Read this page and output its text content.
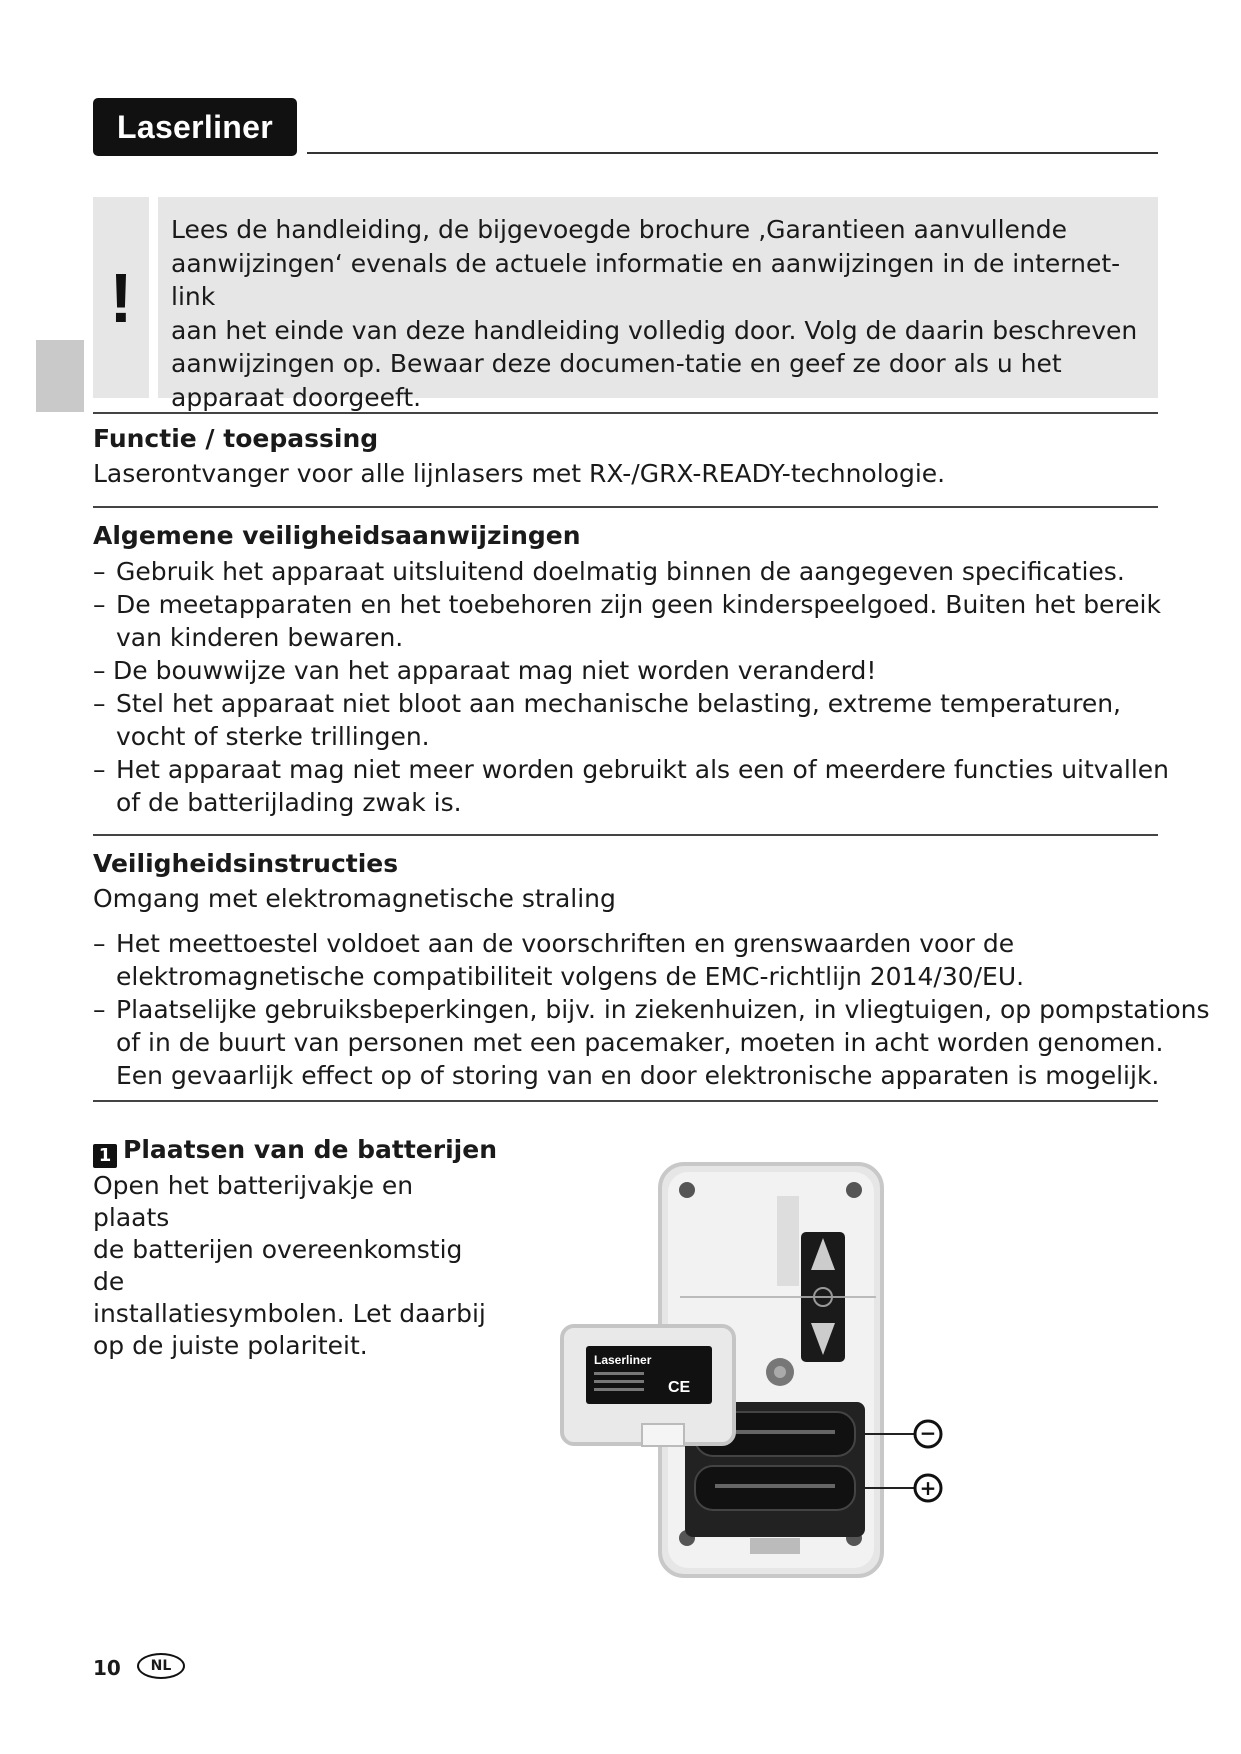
Laserliner
!
Lees de handleiding, de bijgevoegde brochure ‚Garantieen aanvullende
aanwijzingen‘ evenals de actuele informatie en aanwijzingen in de internet-link
aan het einde van deze handleiding volledig door. Volg de daarin beschreven
aanwijzingen op. Bewaar deze documen-tatie en geef ze door als u het
apparaat doorgeeft.
Functie / toepassing
Laserontvanger voor alle lijnlasers met RX-/GRX-READY-technologie.
Algemene veiligheidsaanwijzingen
– Gebruik het apparaat uitsluitend doelmatig binnen de aangegeven specificaties.
– De meetapparaten en het toebehoren zijn geen kinderspeelgoed. Buiten het bereik
van kinderen bewaren.
– De bouwwijze van het apparaat mag niet worden veranderd!
– Stel het apparaat niet bloot aan mechanische belasting, extreme temperaturen,
vocht of sterke trillingen.
– Het apparaat mag niet meer worden gebruikt als een of meerdere functies uitvallen
of de batterijlading zwak is.
Veiligheidsinstructies
Omgang met elektromagnetische straling
– Het meettoestel voldoet aan de voorschriften en grenswaarden voor de
elektromagnetische compatibiliteit volgens de EMC-richtlijn 2014/30/EU.
– Plaatselijke gebruiksbeperkingen, bijv. in ziekenhuizen, in vliegtuigen, op pompstations
of in de buurt van personen met een pacemaker, moeten in acht worden genomen.
Een gevaarlijk effect op of storing van en door elektronische apparaten is mogelijk.
1 Plaatsen van de batterijen
Open het batterijvakje en plaats
de batterijen overeenkomstig de
installatiesymbolen. Let daarbij
op de juiste polariteit.	Laserliner
CE
−
+
10	NL
